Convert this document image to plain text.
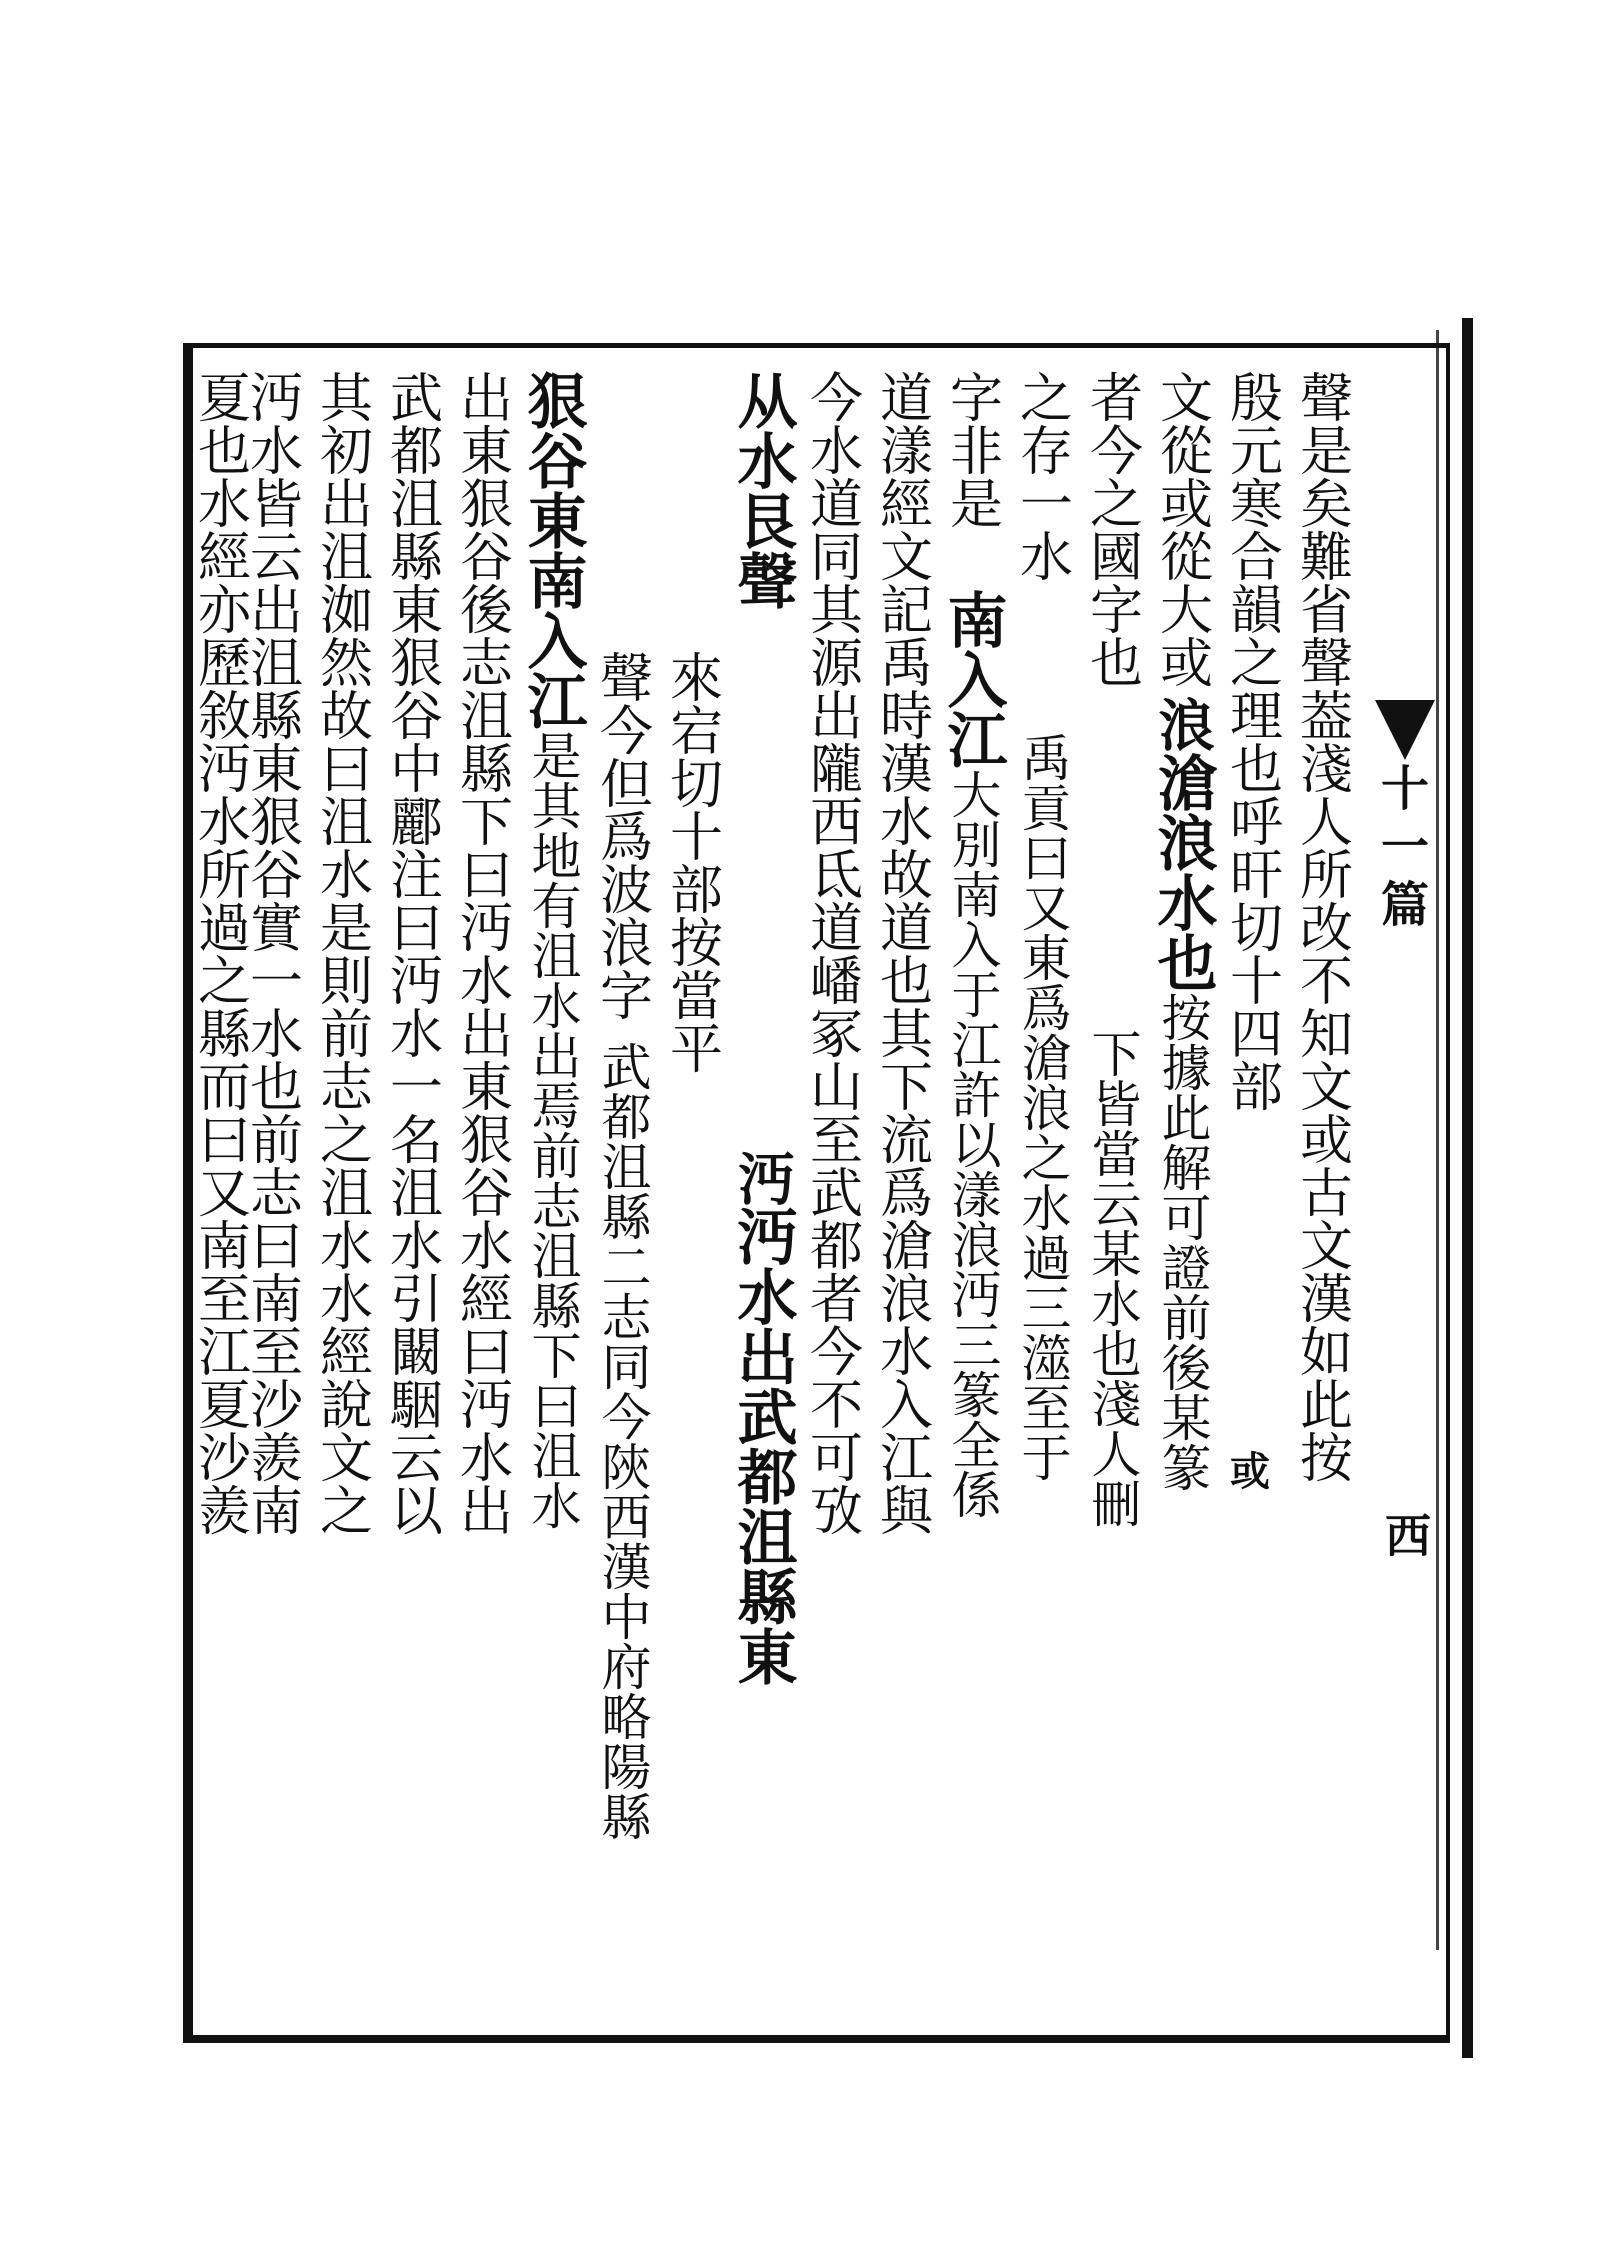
十一篇
西
聲是矣難省聲葢淺人所改不知文或古文漢如此按
殷元寒合韻之理也呼旰切十四部
文從或從大或
浪
滄浪水也
按據此解可證前後某篆
者今之國字也
下皆當云某水也淺人刪
之存一水
禹貢曰又東爲滄浪之水過三澨至于
字非是
南入江
大別南入于江許以漾浪沔三篆全係
道漾經文記禹時漢水故道也其下流爲滄浪水入江與
今水道同其源出隴西氐道嶓冢山至武都者今不可攷
从水艮聲
沔
沔水出武都沮縣東
來宕切十部按當平
聲今但爲波浪字
武都沮縣二志同今陝西漢中府略陽縣
狠谷東南入江
是其地有沮水出焉前志沮縣下曰沮水
出東狠谷後志沮縣下曰沔水出東狠谷水經曰沔水出
武都沮縣東狠谷中酈注曰沔水一名沮水引闞駰云以
其初出沮洳然故曰沮水是則前志之沮水水經說文之
沔水皆云出沮縣東狠谷實一水也前志曰南至沙羨南
夏也水經亦歷敘沔水所過之縣而曰又南至江夏沙羨	或
